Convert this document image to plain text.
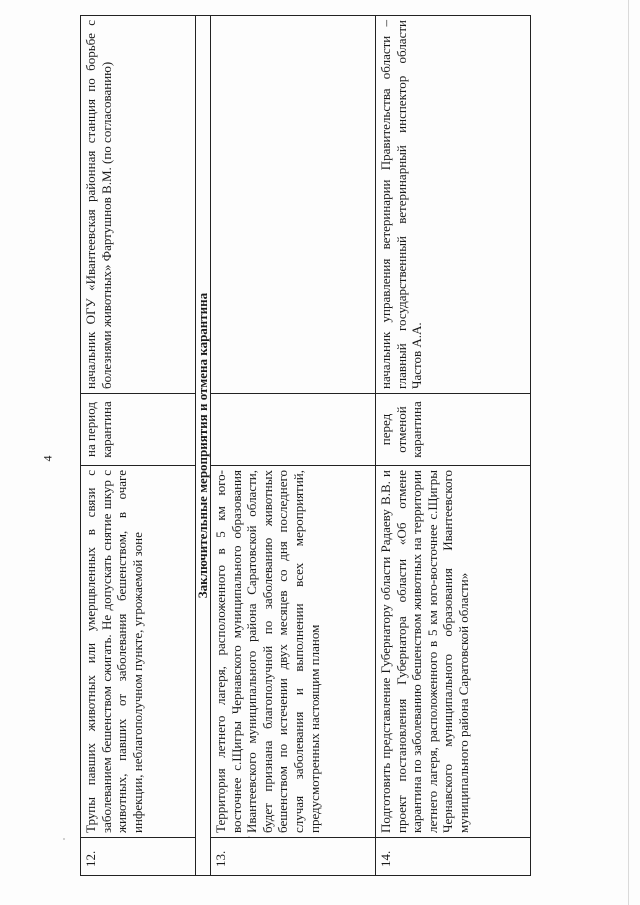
4
12.	Трупы павших животных или умерщвленных в связи с заболеванием бешенством сжигать. Не допускать снятие шкур с животных, павших от заболевания бешенством, в очаге инфекции, неблагополучном пункте, угрожаемой зоне	на период карантина	начальник ОГУ «Ивантеевская районная станция по борьбе с болезнями животных» Фартушнов В.М. (по согласованию)
Заключительные мероприятия и отмена карантина			
13.	Территория летнего лагеря, расположенного в 5 км юго-восточнее с.Щигры Чернавского муниципального образования Ивантеевского муниципального района Саратовской области, будет признана благополучной по заболеванию животных бешенством по истечении двух месяцев со дня последнего случая заболевания и выполнении всех мероприятий, предусмотренных настоящим планом		
14.	Подготовить представление Губернатору области Радаеву В.В. и проект постановления Губернатора области «Об отмене карантина по заболеванию бешенством животных на территории летнего лагеря, расположенного в 5 км юго-восточнее с.Щигры Чернавского муниципального образования Ивантеевского муниципального района Саратовской области»	перед отменой карантина	начальник управления ветеринарии Правительства области – главный государственный ветеринарный инспектор области Частов А.А.
